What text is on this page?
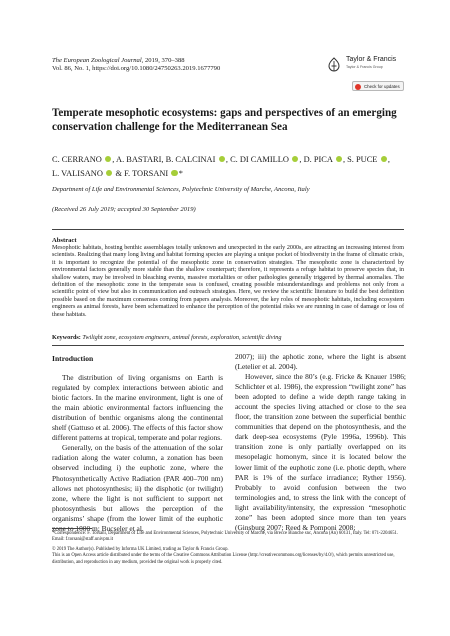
The European Zoological Journal, 2019, 370–388
Vol. 86, No. 1, https://doi.org/10.1080/24750263.2019.1677790
Taylor & Francis
Taylor & Francis Group
Check for updates
Temperate mesophotic ecosystems: gaps and perspectives of an emerging conservation challenge for the Mediterranean Sea
C. CERRANO , A. BASTARI, B. CALCINAI , C. DI CAMILLO , D. PICA , S. PUCE ,
L. VALISANO & F. TORSANI *
Department of Life and Environmental Sciences, Polytechnic University of Marche, Ancona, Italy
(Received 26 July 2019; accepted 30 September 2019)
Abstract
Mesophotic habitats, hosting benthic assemblages totally unknown and unexpected in the early 2000s, are attracting an increasing interest from scientists. Realizing that many long living and habitat forming species are playing a unique pocket of biodiversity in the frame of climatic crisis, it is important to recognize the potential of the mesophotic zone in conservation strategies. The mesophotic zone is characterized by environmental factors generally more stable than the shallow counterpart; therefore, it represents a refuge habitat to preserve species that, in shallow waters, may be involved in bleaching events, massive mortalities or other pathologies generally triggered by thermal anomalies. The definition of the mesophotic zone in the temperate seas is confused, creating possible misunderstandings and problems not only from a scientific point of view but also in communication and outreach strategies. Here, we review the scientific literature to build the best definition possible based on the maximum consensus coming from papers analysis. Moreover, the key roles of mesophotic habitats, including ecosystem engineers as animal forests, have been schematized to enhance the perception of the potential risks we are running in case of damage or loss of these habitats.
Keywords: Twilight zone, ecosystem engineers, animal forests, exploration, scientific diving
Introduction

The distribution of living organisms on Earth is regulated by complex interactions between abiotic and biotic factors. In the marine environment, light is one of the main abiotic environmental factors influencing the distribution of benthic organisms along the continental shelf (Gattuso et al. 2006). The effects of this factor show different patterns at tropical, temperate and polar regions.

Generally, on the basis of the attenuation of the solar radiation along the water column, a zonation has been observed including i) the euphotic zone, where the Photosynthetically Active Radiation (PAR 400–700 nm) allows net photosynthesis; ii) the disphotic (or twilight) zone, where the light is not sufficient to support net photosynthesis but allows the perception of the organisms’ shape (from the lower limit of the euphotic zone to 1000 m; Bucseler et al.

2007); iii) the aphotic zone, where the light is absent (Letelier et al. 2004).

However, since the 80’s (e.g. Fricke & Knauer 1986; Schlichter et al. 1986), the expression “twilight zone” has been adopted to define a wide depth range taking in account the species living attached or close to the sea floor, the transition zone between the superficial benthic communities that depend on the photosynthesis, and the dark deep-sea ecosystems (Pyle 1996a, 1996b). This transition zone is only partially overlapped on its mesopelagic homonym, since it is located below the lower limit of the euphotic zone (i.e. photic depth, where PAR is 1% of the surface irradiance; Ryther 1956). Probably to avoid confusion between the two terminologies and, to stress the link with the concept of light availability/intensity, the expression “mesophotic zone” has been adopted since more than ten years (Ginsburg 2007; Reed & Pomponi 2008;

*Correspondence: F. Torsani, Department of Life and Environmental Sciences, Polytechnic University of Marche, via Brecce Bianche snc, Ancona (An) 60131, Italy. Tel: 071-2204651. Email: f.torsani@staff.univpm.it
© 2019 The Author(s). Published by Informa UK Limited, trading as Taylor & Francis Group.
This is an Open Access article distributed under the terms of the Creative Commons Attribution License (http://creativecommons.org/licenses/by/4.0/), which permits unrestricted use, distribution, and reproduction in any medium, provided the original work is properly cited.
